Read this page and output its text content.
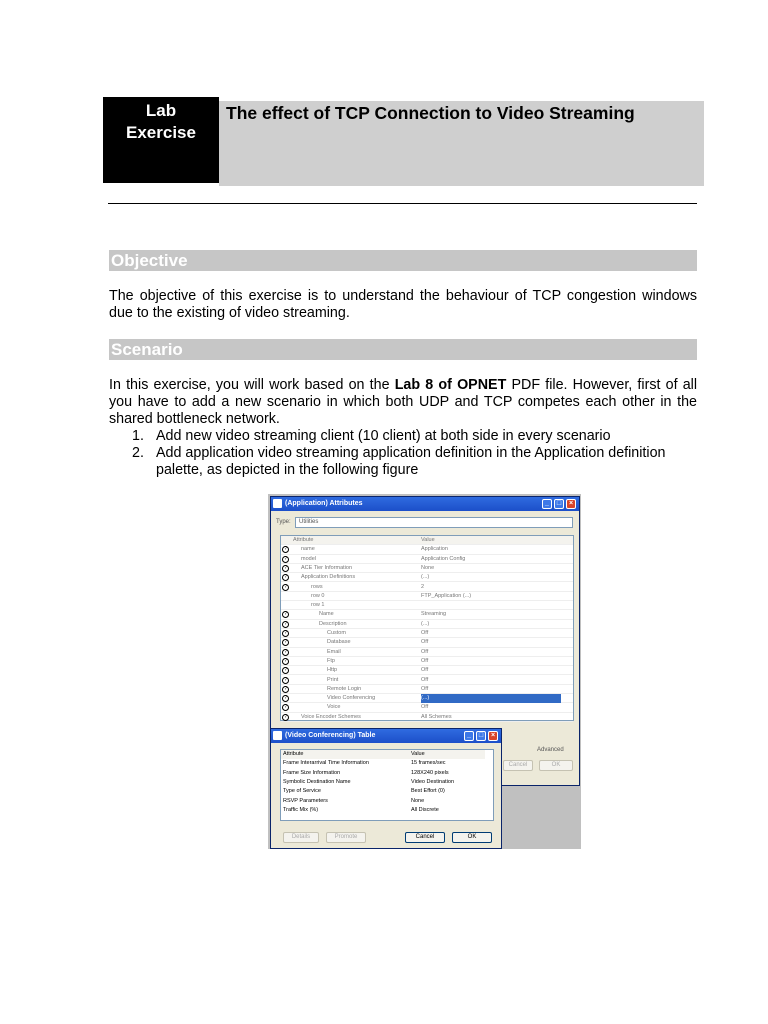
Lab
Exercise
The effect of TCP Connection to Video Streaming
Objective
The objective of this exercise is to understand the behaviour of TCP congestion windows due to the existing of video streaming.
Scenario
In this exercise, you will work based on the Lab 8 of OPNET PDF file. However, first of all you have to add a new scenario in which both UDP and TCP competes each other in the shared bottleneck network.
1. Add new video streaming client (10 client) at both side in every scenario
2. Add application video streaming application definition in the Application definition palette, as depicted in the following figure
(Application) Attributes	_	□	×
Type: Utilities
Attribute	Value
?	name	Application
?	model	Application Config
?	ACE Tier Information	None
?	Application Definitions	(...)
?	rows	2
row 0	FTP_Application (...)
row 1
?	Name	Streaming
?	Description	(...)
?	Custom	Off
?	Database	Off
?	Email	Off
?	Ftp	Off
?	Http	Off
?	Print	Off
?	Remote Login	Off
?	Video Conferencing	(...)
?	Voice	Off
?	Voice Encoder Schemes	All Schemes
Advanced
Cancel	OK
(Video Conferencing) Table	_	□	×
Attribute	Value
Frame Interarrival Time Information	15 frames/sec
Frame Size Information	128X240 pixels
Symbolic Destination Name	Video Destination
Type of Service	Best Effort (0)
RSVP Parameters	None
Traffic Mix (%)	All Discrete
Details	Promote	Cancel	OK
